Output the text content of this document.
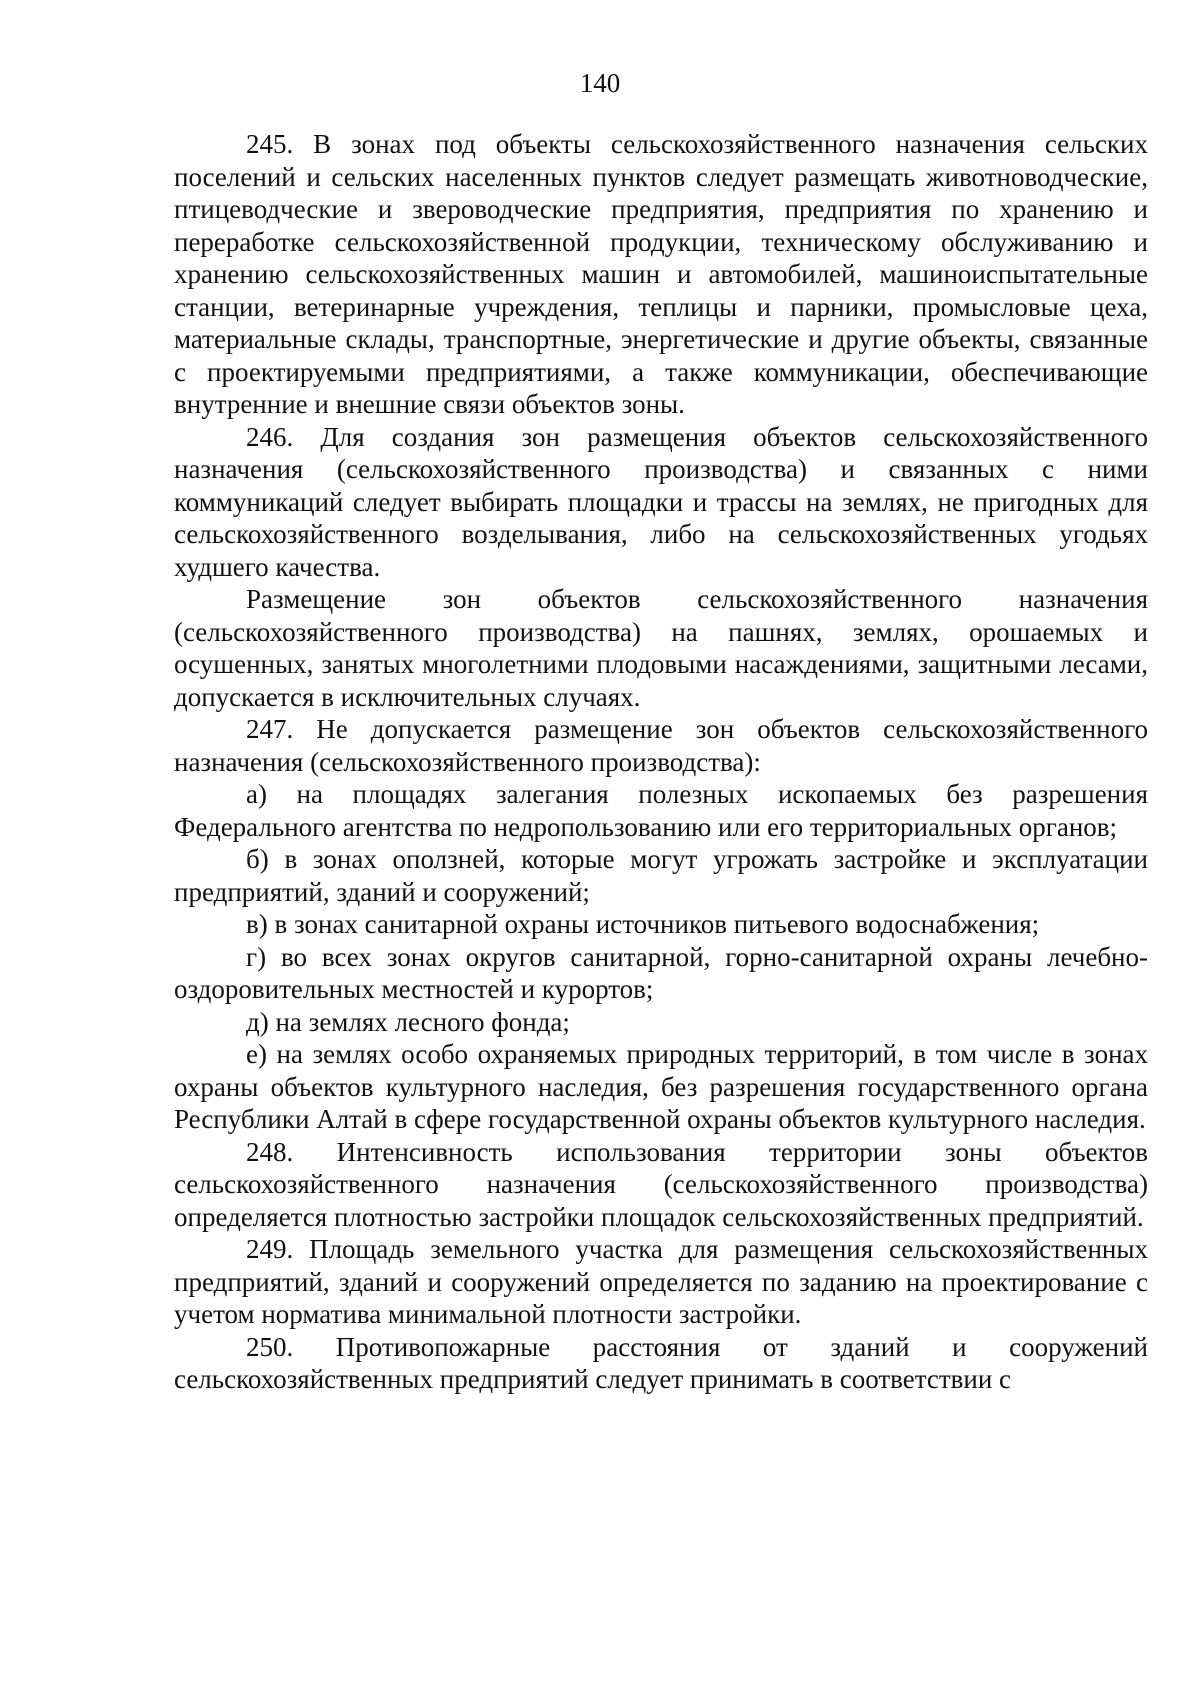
140

245. В зонах под объекты сельскохозяйственного назначения сельских поселений и сельских населенных пунктов следует размещать животноводческие, птицеводческие и звероводческие предприятия, предприятия по хранению и переработке сельскохозяйственной продукции, техническому обслуживанию и хранению сельскохозяйственных машин и автомобилей, машиноиспытательные станции, ветеринарные учреждения, теплицы и парники, промысловые цеха, материальные склады, транспортные, энергетические и другие объекты, связанные с проектируемыми предприятиями, а также коммуникации, обеспечивающие внутренние и внешние связи объектов зоны.

246. Для создания зон размещения объектов сельскохозяйственного назначения (сельскохозяйственного производства) и связанных с ними коммуникаций следует выбирать площадки и трассы на землях, не пригодных для сельскохозяйственного возделывания, либо на сельскохозяйственных угодьях худшего качества.

Размещение зон объектов сельскохозяйственного назначения (сельскохозяйственного производства) на пашнях, землях, орошаемых и осушенных, занятых многолетними плодовыми насаждениями, защитными лесами, допускается в исключительных случаях.

247. Не допускается размещение зон объектов сельскохозяйственного назначения (сельскохозяйственного производства):

а) на площадях залегания полезных ископаемых без разрешения Федерального агентства по недропользованию или его территориальных органов;

б) в зонах оползней, которые могут угрожать застройке и эксплуатации предприятий, зданий и сооружений;

в) в зонах санитарной охраны источников питьевого водоснабжения;

г) во всех зонах округов санитарной, горно-санитарной охраны лечебно-оздоровительных местностей и курортов;

д) на землях лесного фонда;

е) на землях особо охраняемых природных территорий, в том числе в зонах охраны объектов культурного наследия, без разрешения государственного органа Республики Алтай в сфере государственной охраны объектов культурного наследия.

248. Интенсивность использования территории зоны объектов сельскохозяйственного назначения (сельскохозяйственного производства) определяется плотностью застройки площадок сельскохозяйственных предприятий.

249. Площадь земельного участка для размещения сельскохозяйственных предприятий, зданий и сооружений определяется по заданию на проектирование с учетом норматива минимальной плотности застройки.

250. Противопожарные расстояния от зданий и сооружений сельскохозяйственных предприятий следует принимать в соответствии с
